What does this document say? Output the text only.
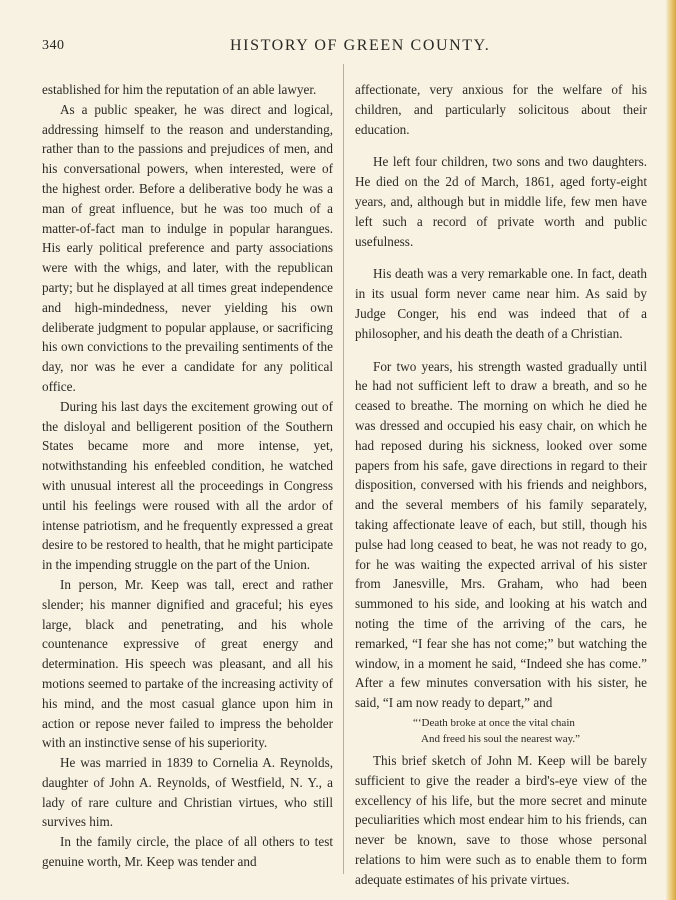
340	HISTORY OF GREEN COUNTY.

established for him the reputation of an able lawyer.

As a public speaker, he was direct and logical, addressing himself to the reason and understanding, rather than to the passions and prejudices of men, and his conversational powers, when interested, were of the highest order. Before a deliberative body he was a man of great influence, but he was too much of a matter-of-fact man to indulge in popular harangues. His early political preference and party associations were with the whigs, and later, with the republican party; but he displayed at all times great independence and high-mindedness, never yielding his own deliberate judgment to popular applause, or sacrificing his own convictions to the prevailing sentiments of the day, nor was he ever a candidate for any political office.

During his last days the excitement growing out of the disloyal and belligerent position of the Southern States became more and more intense, yet, notwithstanding his enfeebled condition, he watched with unusual interest all the proceedings in Congress until his feelings were roused with all the ardor of intense patriotism, and he frequently expressed a great desire to be restored to health, that he might participate in the impending struggle on the part of the Union.

In person, Mr. Keep was tall, erect and rather slender; his manner dignified and graceful; his eyes large, black and penetrating, and his whole countenance expressive of great energy and determination. His speech was pleasant, and all his motions seemed to partake of the increasing activity of his mind, and the most casual glance upon him in action or repose never failed to impress the beholder with an instinctive sense of his superiority.

He was married in 1839 to Cornelia A. Reynolds, daughter of John A. Reynolds, of Westfield, N. Y., a lady of rare culture and Christian virtues, who still survives him.

In the family circle, the place of all others to test genuine worth, Mr. Keep was tender and

affectionate, very anxious for the welfare of his children, and particularly solicitous about their education.

He left four children, two sons and two daughters. He died on the 2d of March, 1861, aged forty-eight years, and, although but in middle life, few men have left such a record of private worth and public usefulness.

His death was a very remarkable one. In fact, death in its usual form never came near him. As said by Judge Conger, his end was indeed that of a philosopher, and his death the death of a Christian.

For two years, his strength wasted gradually until he had not sufficient left to draw a breath, and so he ceased to breathe. The morning on which he died he was dressed and occupied his easy chair, on which he had reposed during his sickness, looked over some papers from his safe, gave directions in regard to their disposition, conversed with his friends and neighbors, and the several members of his family separately, taking affectionate leave of each, but still, though his pulse had long ceased to beat, he was not ready to go, for he was waiting the expected arrival of his sister from Janesville, Mrs. Graham, who had been summoned to his side, and looking at his watch and noting the time of the arriving of the cars, he remarked, “I fear she has not come;” but watching the window, in a moment he said, “Indeed she has come.” After a few minutes conversation with his sister, he said, “I am now ready to depart,” and

“‘Death broke at once the vital chain
And freed his soul the nearest way.”

This brief sketch of John M. Keep will be barely sufficient to give the reader a bird's-eye view of the excellency of his life, but the more secret and minute peculiarities which most endear him to his friends, can never be known, save to those whose personal relations to him were such as to enable them to form adequate estimates of his private virtues.
